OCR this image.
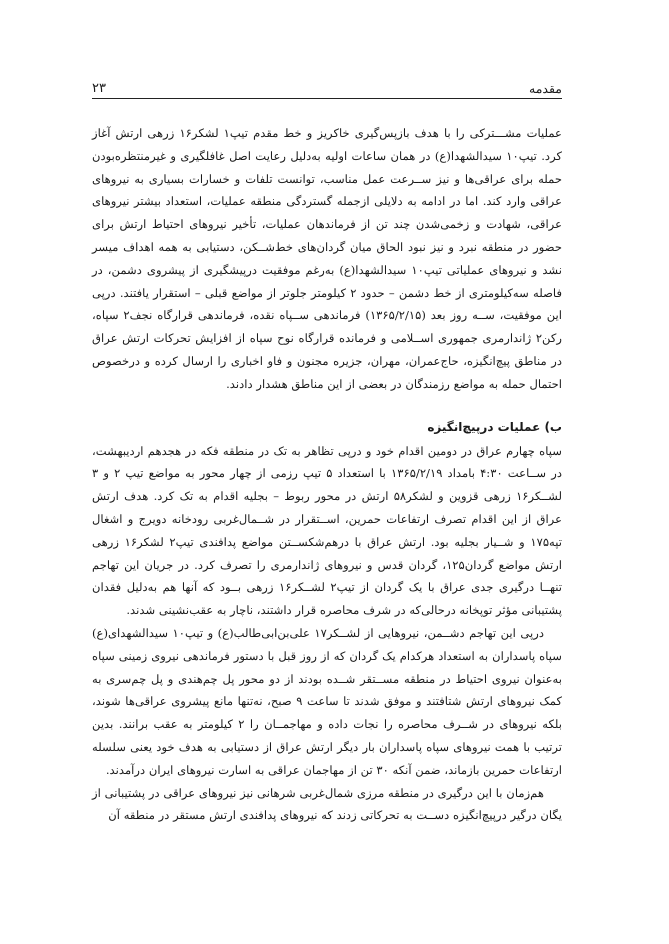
مقدمه
۲۳

عملیات مشـــترکی را با هدف بازپس‌گیری خاکریز و خط مقدم تیپ۱ لشکر۱۶ زرهی ارتش آغاز کرد. تیپ۱۰ سیدالشهدا(ع) در همان ساعات اولیه به‌دلیل رعایت اصل غافلگیری و غیرمنتظره‌بودن حمله برای عراقی‌ها و نیز ســرعت عمل مناسب، توانست تلفات و خسارات بسیاری به نیروهای عراقی وارد کند. اما در ادامه به دلایلی ازجمله گستردگی منطقه عملیات، استعداد بیشتر نیروهای عراقی، شهادت و زخمی‌شدن چند تن از فرماندهان عملیات، تأخیر نیروهای احتیاط ارتش برای حضور در منطقه نبرد و نیز نبود الحاق میان گردان‌های خط‌شــکن، دستیابی به همه اهداف میسر نشد و نیروهای عملیاتی تیپ۱۰ سیدالشهدا(ع) به‌رغم موفقیت درپیشگیری از پیشروی دشمن، در فاصله سه‌کیلومتری از خط دشمن – حدود ۲ کیلومتر جلوتر از مواضع قبلی – استقرار یافتند. درپی این موفقیت، ســه روز بعد (۱۳۶۵/۲/۱۵) فرماندهی ســپاه نقده، فرماندهی قرارگاه نجف۲ سپاه، رکن۲ ژاندارمری جمهوری اســلامی و فرمانده قرارگاه نوح سپاه از افزایش تحرکات ارتش عراق در مناطق پیچ‌انگیزه، حاج‌عمران، مهران، جزیره مجنون و فاو اخباری را ارسال کرده و درخصوص احتمال حمله به مواضع رزمندگان در بعضی از این مناطق هشدار دادند.

ب) عملیات درپیچ‌انگیزه

سپاه چهارم عراق در دومین اقدام خود و درپی تظاهر به تک در منطقه فکه در هجدهم اردیبهشت، در ســاعت ۴:۳۰ بامداد ۱۳۶۵/۲/۱۹ با استعداد ۵ تیپ رزمی از چهار محور به مواضع تیپ ۲ و ۳ لشــکر۱۶ زرهی قزوین و لشکر۵۸ ارتش در محور ربوط – بجلیه اقدام به تک کرد. هدف ارتش عراق از این اقدام تصرف ارتفاعات حمرین، اســتقرار در شــمال‌غربی رودخانه دویرج و اشغال تپه۱۷۵ و شــیار بجلیه بود. ارتش عراق با درهم‌شکســتن مواضع پدافندی تیپ۲ لشکر۱۶ زرهی ارتش مواضع گردان۱۲۵، گردان قدس و نیروهای ژاندارمری را تصرف کرد. در جریان این تهاجم تنهــا درگیری جدی عراق با یک گردان از تیپ۲ لشــکر۱۶ زرهی بــود که آنها هم به‌دلیل فقدان پشتیبانی مؤثر توپخانه درحالی‌که در شرف محاصره قرار داشتند، ناچار به عقب‌نشینی شدند.

درپی این تهاجم دشــمن، نیروهایی از لشــکر۱۷ علی‌بن‌ابی‌طالب(ع) و تیپ۱۰ سیدالشهدای(ع) سپاه پاسداران به استعداد هرکدام یک گردان که از روز قبل با دستور فرماندهی نیروی زمینی سپاه به‌عنوان نیروی احتیاط در منطقه مســتقر شــده بودند از دو محور پل چم‌هندی و پل چم‌سری به کمک نیروهای ارتش شتافتند و موفق شدند تا ساعت ۹ صبح، نه‌تنها مانع پیشروی عراقی‌ها شوند، بلکه نیروهای در شــرف محاصره را نجات داده و مهاجمــان را ۲ کیلومتر به عقب برانند. بدین ترتیب با همت نیروهای سپاه پاسداران بار دیگر ارتش عراق از دستیابی به هدف خود یعنی سلسله ارتفاعات حمرین بازماند، ضمن آنکه ۳۰ تن از مهاجمان عراقی به اسارت نیروهای ایران درآمدند.

هم‌زمان با این درگیری در منطقه مرزی شمال‌غربی شرهانی نیز نیروهای عراقی در پشتیبانی از یگان درگیر درپیچ‌انگیزه دســت به تحرکاتی زدند که نیروهای پدافندی ارتش مستقر در منطقه آن
